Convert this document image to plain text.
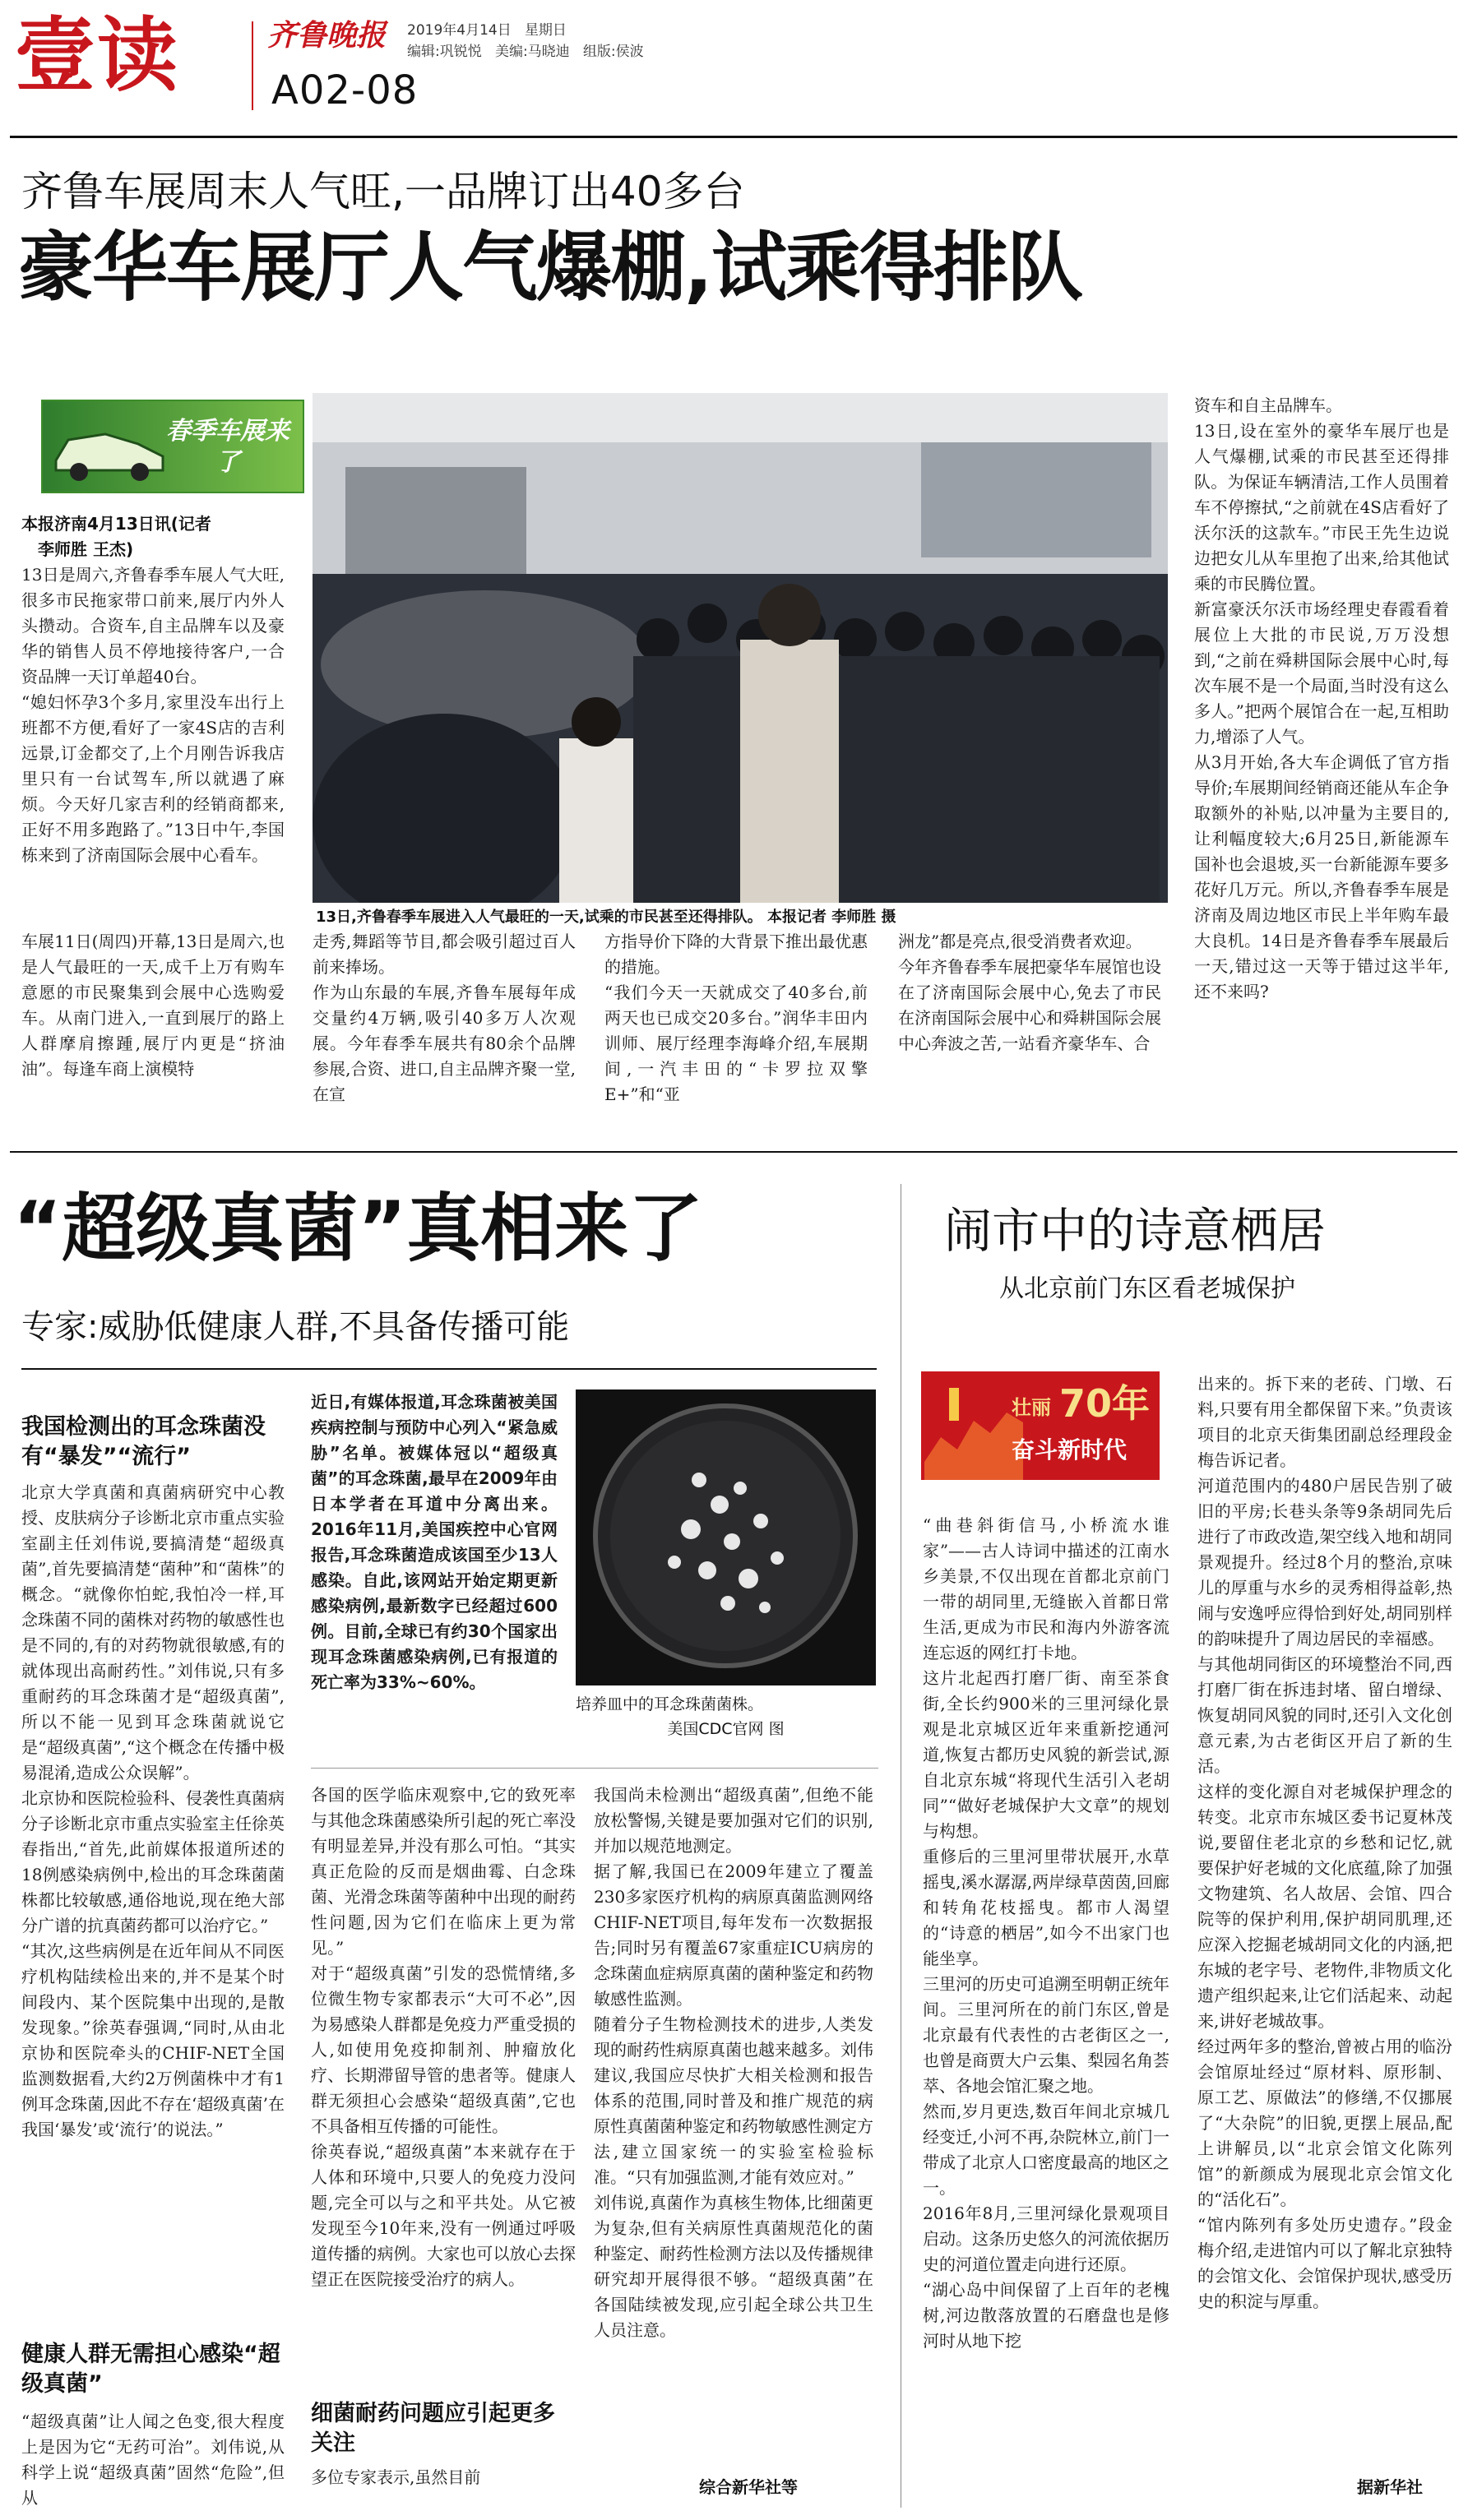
壹读	齐鲁晚报 2019年4月14日 星期日
编辑:巩锐悦 美编:马晓迪 组版:侯波
A02-08
齐鲁车展周末人气旺,一品牌订出40多台
豪华车展厅人气爆棚,试乘得排队
春季车展来了
本报济南4月13日讯(记者
李师胜 王杰)
13日是周六,齐鲁春季车展人气大旺,很多市民拖家带口前来,展厅内外人头攒动。合资车,自主品牌车以及豪华的销售人员不停地接待客户,一合资品牌一天订单超40台。
“媳妇怀孕3个多月,家里没车出行上班都不方便,看好了一家4S店的吉利远景,订金都交了,上个月刚告诉我店里只有一台试驾车,所以就遇了麻烦。今天好几家吉利的经销商都来,正好不用多跑路了。”13日中午,李国栋来到了济南国际会展中心看车。
13日,齐鲁春季车展进入人气最旺的一天,试乘的市民甚至还得排队。 本报记者 李师胜 摄
车展11日(周四)开幕,13日是周六,也是人气最旺的一天,成千上万有购车意愿的市民聚集到会展中心选购爱车。从南门进入,一直到展厅的路上人群摩肩擦踵,展厅内更是“挤油油”。每逢车商上演模特
走秀,舞蹈等节目,都会吸引超过百人前来捧场。
作为山东最的车展,齐鲁车展每年成交量约4万辆,吸引40多万人次观展。今年春季车展共有80余个品牌参展,合资、进口,自主品牌齐聚一堂,在宣
方指导价下降的大背景下推出最优惠的措施。
“我们今天一天就成交了40多台,前两天也已成交20多台。”润华丰田内训师、展厅经理李海峰介绍,车展期间,一汽丰田的“卡罗拉双擎E+”和“亚
洲龙”都是亮点,很受消费者欢迎。
今年齐鲁春季车展把豪华车展馆也设在了济南国际会展中心,免去了市民在济南国际会展中心和舜耕国际会展中心奔波之苦,一站看齐豪华车、合
资车和自主品牌车。
13日,设在室外的豪华车展厅也是人气爆棚,试乘的市民甚至还得排队。为保证车辆清洁,工作人员围着车不停擦拭,“之前就在4S店看好了沃尔沃的这款车。”市民王先生边说边把女儿从车里抱了出来,给其他试乘的市民腾位置。
新富豪沃尔沃市场经理史春霞看着展位上大批的市民说,万万没想到,“之前在舜耕国际会展中心时,每次车展不是一个局面,当时没有这么多人。”把两个展馆合在一起,互相助力,增添了人气。
从3月开始,各大车企调低了官方指导价;车展期间经销商还能从车企争取额外的补贴,以冲量为主要目的,让利幅度较大;6月25日,新能源车国补也会退坡,买一台新能源车要多花好几万元。所以,齐鲁春季车展是济南及周边地区市民上半年购车最大良机。14日是齐鲁春季车展最后一天,错过这一天等于错过这半年,还不来吗?
“超级真菌”真相来了
专家:威胁低健康人群,不具备传播可能
我国检测出的耳念珠菌没有“暴发”“流行”
北京大学真菌和真菌病研究中心教授、皮肤病分子诊断北京市重点实验室副主任刘伟说,要搞清楚“超级真菌”,首先要搞清楚“菌种”和“菌株”的概念。“就像你怕蛇,我怕冷一样,耳念珠菌不同的菌株对药物的敏感性也是不同的,有的对药物就很敏感,有的就体现出高耐药性。”刘伟说,只有多重耐药的耳念珠菌才是“超级真菌”,所以不能一见到耳念珠菌就说它是“超级真菌”,“这个概念在传播中极易混淆,造成公众误解”。
北京协和医院检验科、侵袭性真菌病分子诊断北京市重点实验室主任徐英春指出,“首先,此前媒体报道所述的18例感染病例中,检出的耳念珠菌菌株都比较敏感,通俗地说,现在绝大部分广谱的抗真菌药都可以治疗它。”
“其次,这些病例是在近年间从不同医疗机构陆续检出来的,并不是某个时间段内、某个医院集中出现的,是散发现象。”徐英春强调,“同时,从由北京协和医院牵头的CHIF-NET全国监测数据看,大约2万例菌株中才有1例耳念珠菌,因此不存在‘超级真菌’在我国‘暴发’或‘流行’的说法。”
健康人群无需担心感染“超级真菌”
“超级真菌”让人闻之色变,很大程度上是因为它“无药可治”。刘伟说,从科学上说“超级真菌”固然“危险”,但从
近日,有媒体报道,耳念珠菌被美国疾病控制与预防中心列入“紧急威胁”名单。被媒体冠以“超级真菌”的耳念珠菌,最早在2009年由日本学者在耳道中分离出来。2016年11月,美国疾控中心官网报告,耳念珠菌造成该国至少13人感染。自此,该网站开始定期更新感染病例,最新数字已经超过600例。目前,全球已有约30个国家出现耳念珠菌感染病例,已有报道的死亡率为33%~60%。
培养皿中的耳念珠菌菌株。
美国CDC官网 图
各国的医学临床观察中,它的致死率与其他念珠菌感染所引起的死亡率没有明显差异,并没有那么可怕。“其实真正危险的反而是烟曲霉、白念珠菌、光滑念珠菌等菌种中出现的耐药性问题,因为它们在临床上更为常见。”
对于“超级真菌”引发的恐慌情绪,多位微生物专家都表示“大可不必”,因为易感染人群都是免疫力严重受损的人,如使用免疫抑制剂、肿瘤放化疗、长期滞留导管的患者等。健康人群无须担心会感染“超级真菌”,它也不具备相互传播的可能性。
徐英春说,“超级真菌”本来就存在于人体和环境中,只要人的免疫力没问题,完全可以与之和平共处。从它被发现至今10年来,没有一例通过呼吸道传播的病例。大家也可以放心去探望正在医院接受治疗的病人。
细菌耐药问题应引起更多关注
多位专家表示,虽然目前
我国尚未检测出“超级真菌”,但绝不能放松警惕,关键是要加强对它们的识别,并加以规范地测定。
据了解,我国已在2009年建立了覆盖230多家医疗机构的病原真菌监测网络CHIF-NET项目,每年发布一次数据报告;同时另有覆盖67家重症ICU病房的念珠菌血症病原真菌的菌种鉴定和药物敏感性监测。
随着分子生物检测技术的进步,人类发现的耐药性病原真菌也越来越多。刘伟建议,我国应尽快扩大相关检测和报告体系的范围,同时普及和推广规范的病原性真菌菌种鉴定和药物敏感性测定方法,建立国家统一的实验室检验标准。“只有加强监测,才能有效应对。”
刘伟说,真菌作为真核生物体,比细菌更为复杂,但有关病原性真菌规范化的菌种鉴定、耐药性检测方法以及传播规律研究却开展得很不够。“超级真菌”在各国陆续被发现,应引起全球公共卫生人员注意。
综合新华社等
闹市中的诗意栖居
从北京前门东区看老城保护
壮丽 70年
奋斗新时代
“曲巷斜街信马,小桥流水谁家”——古人诗词中描述的江南水乡美景,不仅出现在首都北京前门一带的胡同里,无缝嵌入首都日常生活,更成为市民和海内外游客流连忘返的网红打卡地。
这片北起西打磨厂街、南至茶食街,全长约900米的三里河绿化景观是北京城区近年来重新挖通河道,恢复古都历史风貌的新尝试,源自北京东城“将现代生活引入老胡同”“做好老城保护大文章”的规划与构想。
重修后的三里河里带状展开,水草摇曳,溪水潺潺,两岸绿草茵茵,回廊和转角花枝摇曳。都市人渴望的“诗意的栖居”,如今不出家门也能坐享。
三里河的历史可追溯至明朝正统年间。三里河所在的前门东区,曾是北京最有代表性的古老街区之一,也曾是商贾大户云集、梨园名角荟萃、各地会馆汇聚之地。
然而,岁月更迭,数百年间北京城几经变迁,小河不再,杂院林立,前门一带成了北京人口密度最高的地区之一。
2016年8月,三里河绿化景观项目启动。这条历史悠久的河流依据历史的河道位置走向进行还原。
“湖心岛中间保留了上百年的老槐树,河边散落放置的石磨盘也是修河时从地下挖
出来的。拆下来的老砖、门墩、石料,只要有用全都保留下来。”负责该项目的北京天街集团副总经理段金梅告诉记者。
河道范围内的480户居民告别了破旧的平房;长巷头条等9条胡同先后进行了市政改造,架空线入地和胡同景观提升。经过8个月的整治,京味儿的厚重与水乡的灵秀相得益彰,热闹与安逸呼应得恰到好处,胡同别样的韵味提升了周边居民的幸福感。
与其他胡同街区的环境整治不同,西打磨厂街在拆违封堵、留白增绿、恢复胡同风貌的同时,还引入文化创意元素,为古老街区开启了新的生活。
这样的变化源自对老城保护理念的转变。北京市东城区委书记夏林茂说,要留住老北京的乡愁和记忆,就要保护好老城的文化底蕴,除了加强文物建筑、名人故居、会馆、四合院等的保护利用,保护胡同肌理,还应深入挖掘老城胡同文化的内涵,把东城的老字号、老物件,非物质文化遗产组织起来,让它们活起来、动起来,讲好老城故事。
经过两年多的整治,曾被占用的临汾会馆原址经过“原材料、原形制、原工艺、原做法”的修缮,不仅挪展了“大杂院”的旧貌,更摆上展品,配上讲解员,以“北京会馆文化陈列馆”的新颜成为展现北京会馆文化的“活化石”。
“馆内陈列有多处历史遗存。”段金梅介绍,走进馆内可以了解北京独特的会馆文化、会馆保护现状,感受历史的积淀与厚重。
据新华社
